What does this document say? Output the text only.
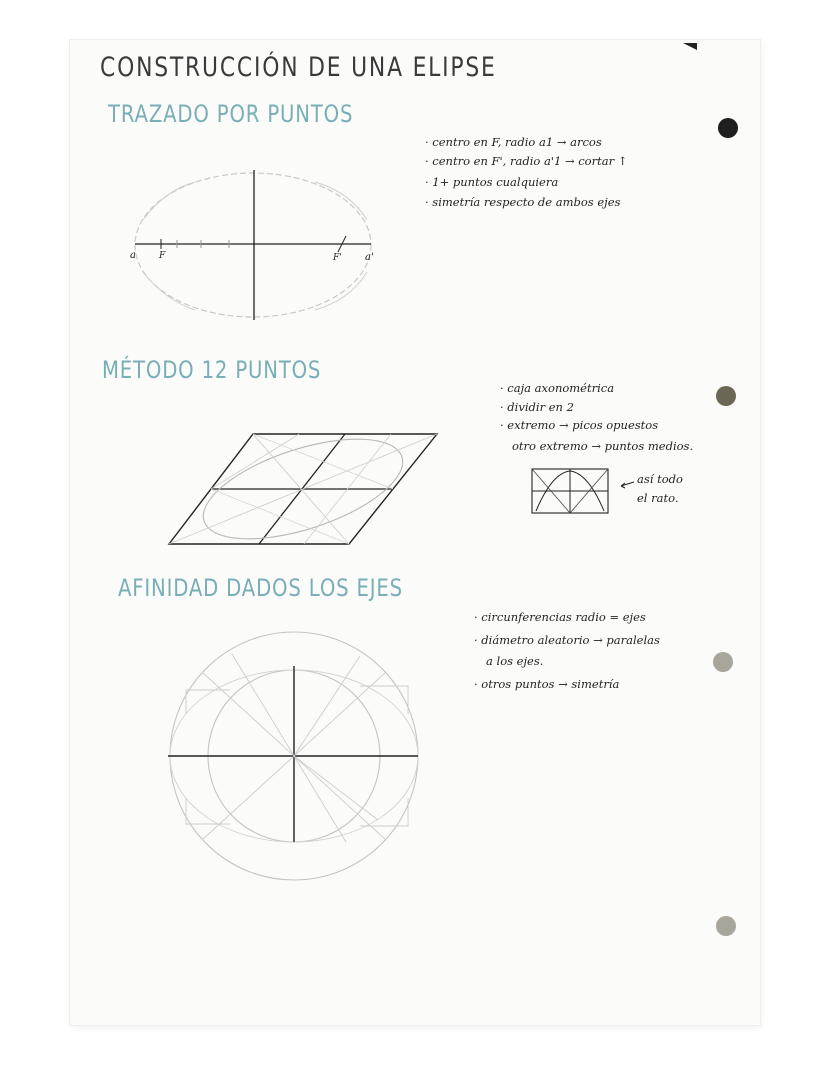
CONSTRUCCIÓN DE UNA ELIPSE
TRAZADO POR PUNTOS
· centro en F, radio a1 → arcos
· centro en F', radio a'1 → cortar ↑
· 1+ puntos cualquiera
· simetría respecto de ambos ejes
a	F	F' a'
MÉTODO 12 PUNTOS
· caja axonométrica
· dividir en 2
· extremo → picos opuestos
otro extremo → puntos medios.
así todo
el rato.
AFINIDAD DADOS LOS EJES
· circunferencias radio = ejes
· diámetro aleatorio → paralelas
a los ejes.
· otros puntos → simetría
